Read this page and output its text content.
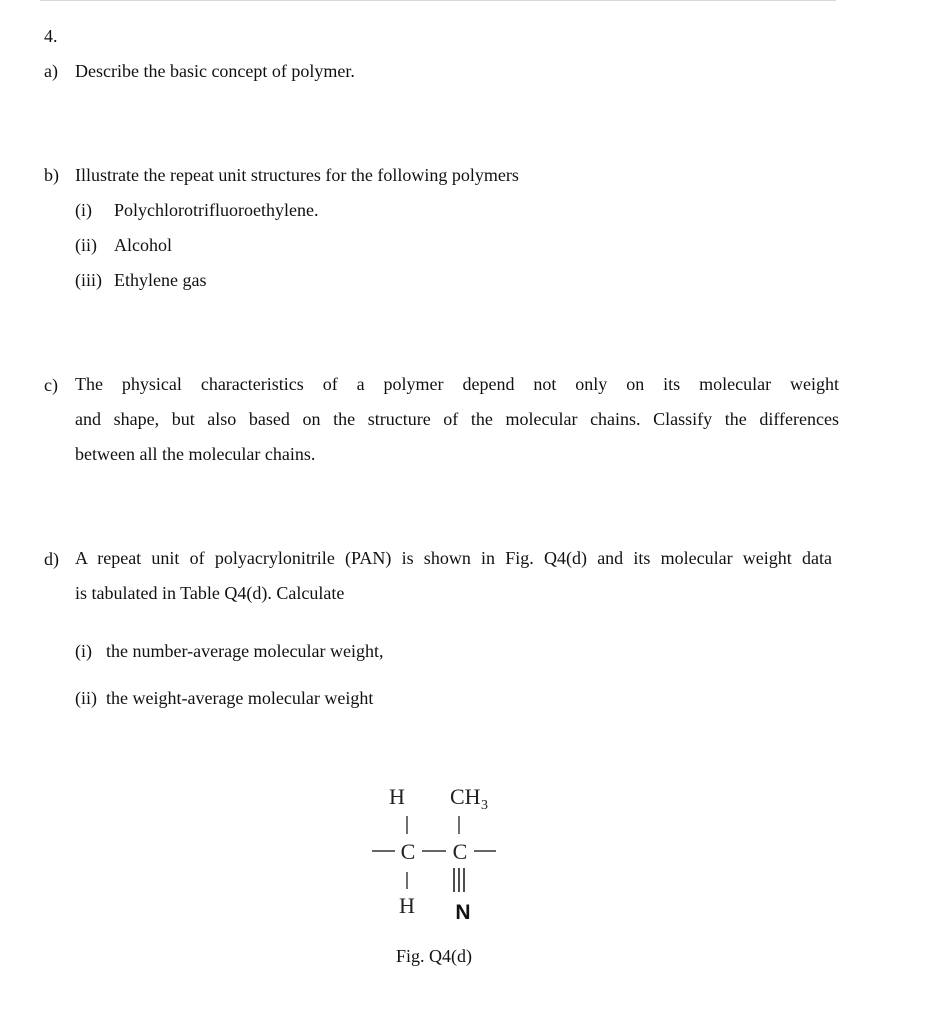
4.
a) Describe the basic concept of polymer.
b) Illustrate the repeat unit structures for the following polymers
(i) Polychlorotrifluoroethylene.
(ii) Alcohol
(iii) Ethylene gas
c) The physical characteristics of a polymer depend not only on its molecular weight
and shape, but also based on the structure of the molecular chains. Classify the differences
between all the molecular chains.
d) A repeat unit of polyacrylonitrile (PAN) is shown in Fig. Q4(d) and its molecular weight data
is tabulated in Table Q4(d). Calculate
(i) the number-average molecular weight,
(ii) the weight-average molecular weight
H CH 3
C C
H N
Fig. Q4(d)
